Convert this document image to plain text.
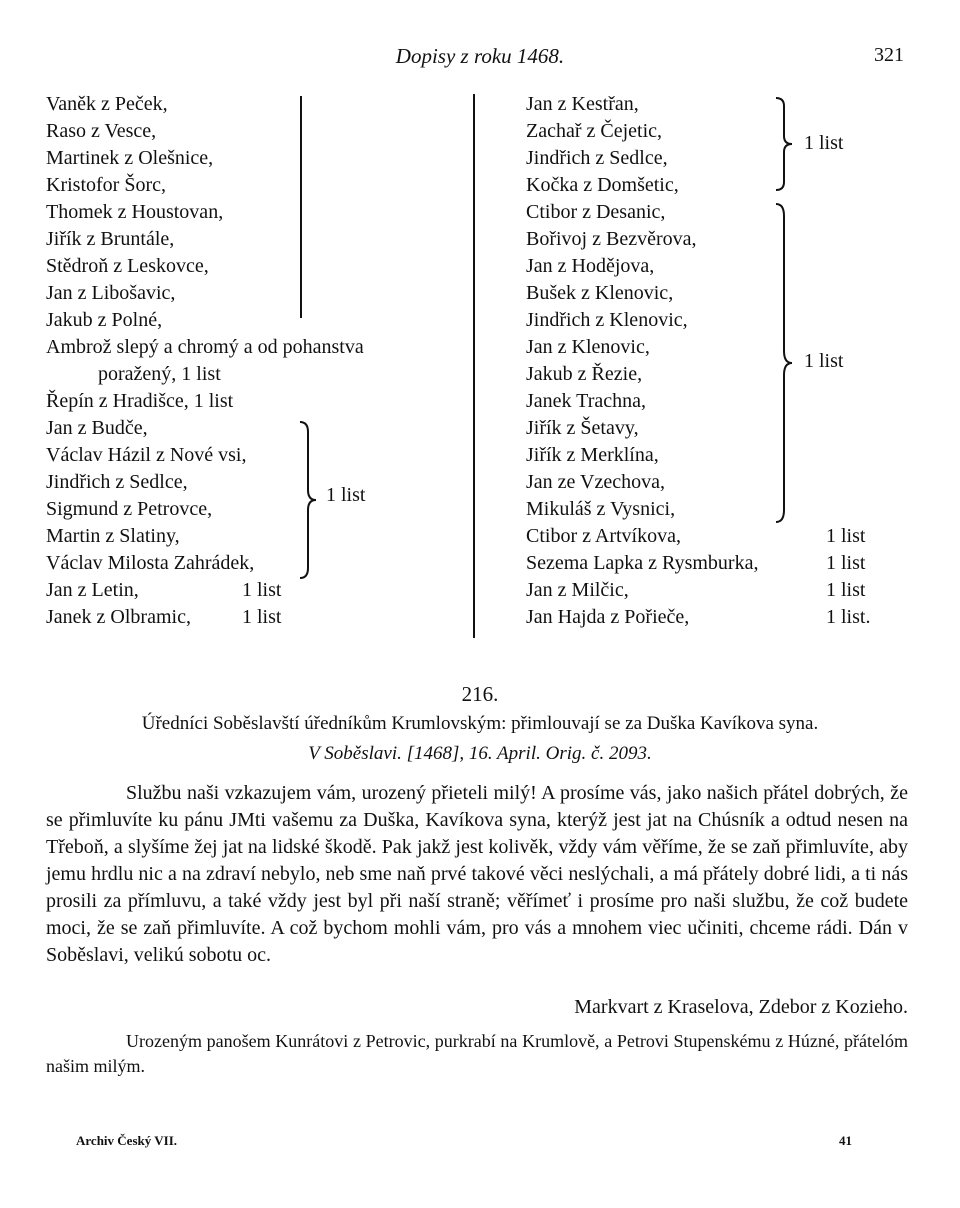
Dopisy z roku 1468.	321
Vaněk z Peček,
Raso z Vesce,
Martinek z Olešnice,
Kristofor Šorc,
Thomek z Houstovan,
Jiřík z Bruntále,
Stědroň z Leskovce,
Jan z Libošavic,
Jakub z Polné,
Ambrož slepý a chromý a od pohanstva
poražený, 1 list
Řepín z Hradišce, 1 list
Jan z Budče,
Václav Házil z Nové vsi,
Jindřich z Sedlce,
Sigmund z Petrovce,
Martin z Slatiny,
Václav Milosta Zahrádek,
1 list
Jan z Letin,	1 list
Janek z Olbramic,	1 list
Jan z Kestřan,
Zachař z Čejetic,
Jindřich z Sedlce,
Kočka z Domšetic,
1 list
Ctibor z Desanic,
Bořivoj z Bezvěrova,
Jan z Hodějova,
Bušek z Klenovic,
Jindřich z Klenovic,
Jan z Klenovic,
Jakub z Řezie,
Janek Trachna,
Jiřík z Šetavy,
Jiřík z Merklína,
Jan ze Vzechova,
Mikuláš z Vysnici,
1 list
Ctibor z Artvíkova,	1 list
Sezema Lapka z Rysmburka,	1 list
Jan z Milčic,	1 list
Jan Hajda z Pořieče,	1 list.
216.
Úředníci Soběslavští úředníkům Krumlovským: přimlouvají se za Duška Kavíkova syna.
V Soběslavi. [1468], 16. April. Orig. č. 2093.

Službu naši vzkazujem vám, urozený přieteli milý! A prosíme vás, jako našich přátel dobrých, že se přimluvíte ku pánu JMti vašemu za Duška, Kavíkova syna, kterýž jest jat na Chúsník a odtud nesen na Třeboň, a slyšíme žej jat na lidské škodě. Pak jakž jest kolivěk, vždy vám věříme, že se zaň přimluvíte, aby jemu hrdlu nic a na zdraví nebylo, neb sme naň prvé takové věci neslýchali, a má přátely dobré lidi, a ti nás prosili za přímluvu, a také vždy jest byl při naší straně; věřímeť i prosíme pro naši službu, že což budete moci, že se zaň přimluvíte. A což bychom mohli vám, pro vás a mnohem viec učiniti, chceme rádi. Dán v Soběslavi, velikú sobotu oc.

Markvart z Kraselova, Zdebor z Kozieho.
Urozeným panošem Kunrátovi z Petrovic, purkrabí na Krumlově, a Petrovi Stupenskému z Húzné, přátelóm našim milým.
Archiv Český VII.	41
